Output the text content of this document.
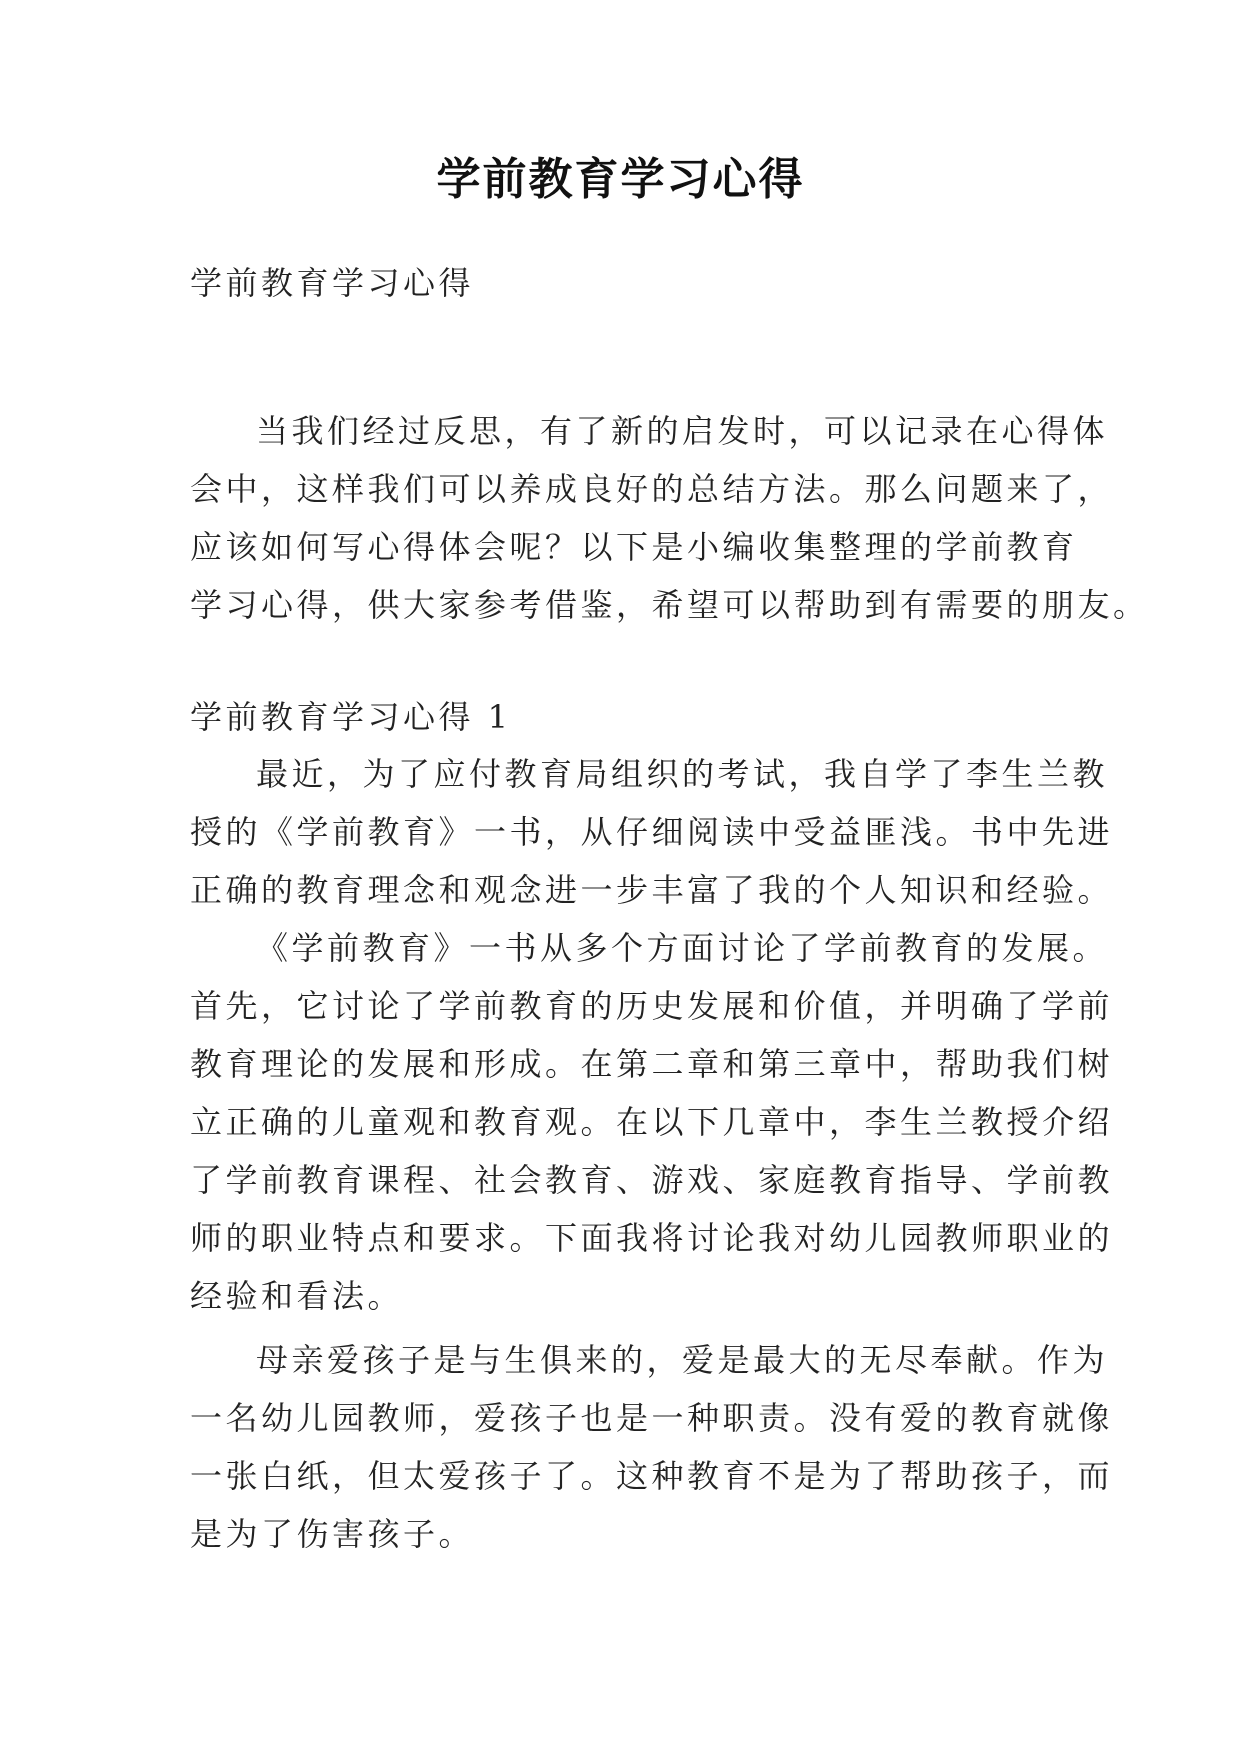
学前教育学习心得

学前教育学习心得

当我们经过反思，有了新的启发时，可以记录在心得体

会中，这样我们可以养成良好的总结方法。那么问题来了，

应该如何写心得体会呢？以下是小编收集整理的学前教育

学习心得，供大家参考借鉴，希望可以帮助到有需要的朋友。

学前教育学习心得 1

最近，为了应付教育局组织的考试，我自学了李生兰教

授的《学前教育》一书，从仔细阅读中受益匪浅。书中先进

正确的教育理念和观念进一步丰富了我的个人知识和经验。

《学前教育》一书从多个方面讨论了学前教育的发展。

首先，它讨论了学前教育的历史发展和价值，并明确了学前

教育理论的发展和形成。在第二章和第三章中，帮助我们树

立正确的儿童观和教育观。在以下几章中，李生兰教授介绍

了学前教育课程、社会教育、游戏、家庭教育指导、学前教

师的职业特点和要求。下面我将讨论我对幼儿园教师职业的

经验和看法。

母亲爱孩子是与生俱来的，爱是最大的无尽奉献。作为

一名幼儿园教师，爱孩子也是一种职责。没有爱的教育就像

一张白纸，但太爱孩子了。这种教育不是为了帮助孩子，而

是为了伤害孩子。
